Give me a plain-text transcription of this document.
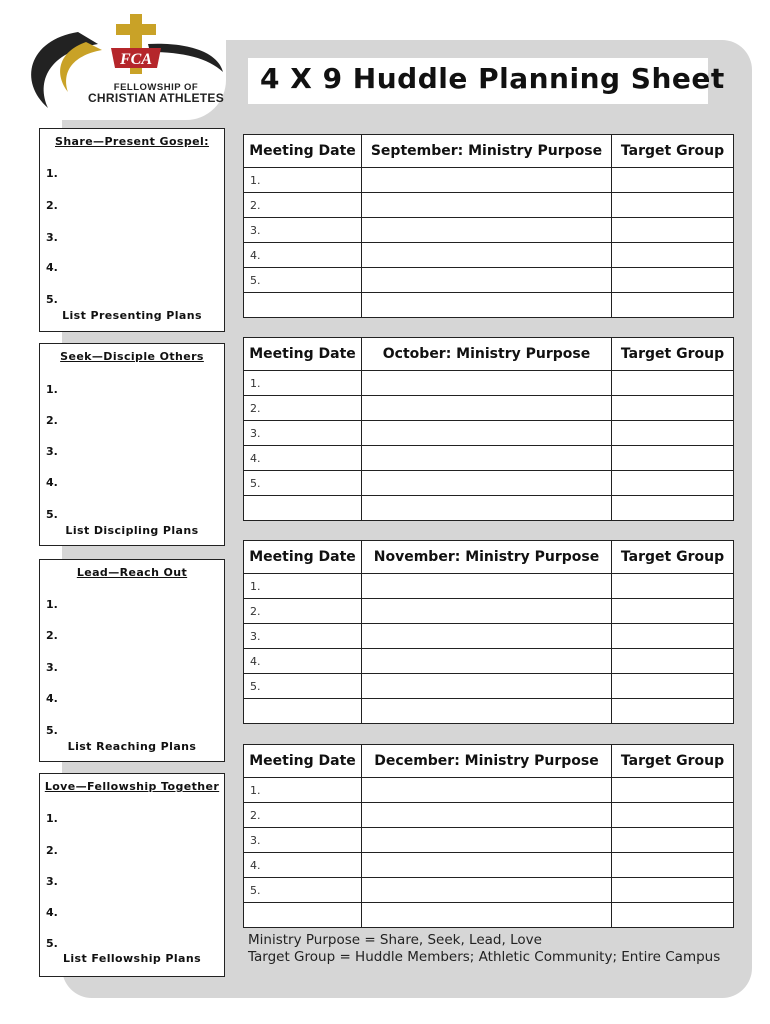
FCA
FELLOWSHIP OF
CHRISTIAN ATHLETES
4 X 9 Huddle Planning Sheet
Share—Present Gospel:
1.
2.
3.
4.
5.
List Presenting Plans
Seek—Disciple Others
1.
2.
3.
4.
5.
List Discipling Plans
Lead—Reach Out
1.
2.
3.
4.
5.
List Reaching Plans
Love—Fellowship Together
1.
2.
3.
4.
5.
List Fellowship Plans
Meeting Date	September: Ministry Purpose	Target Group
1.		
2.		
3.		
4.		
5.		

Meeting Date	October: Ministry Purpose	Target Group
1.		
2.		
3.		
4.		
5.		

Meeting Date	November: Ministry Purpose	Target Group
1.		
2.		
3.		
4.		
5.		

Meeting Date	December: Ministry Purpose	Target Group
1.		
2.		
3.		
4.		
5.		

Ministry Purpose = Share, Seek, Lead, Love
Target Group = Huddle Members; Athletic Community; Entire Campus
